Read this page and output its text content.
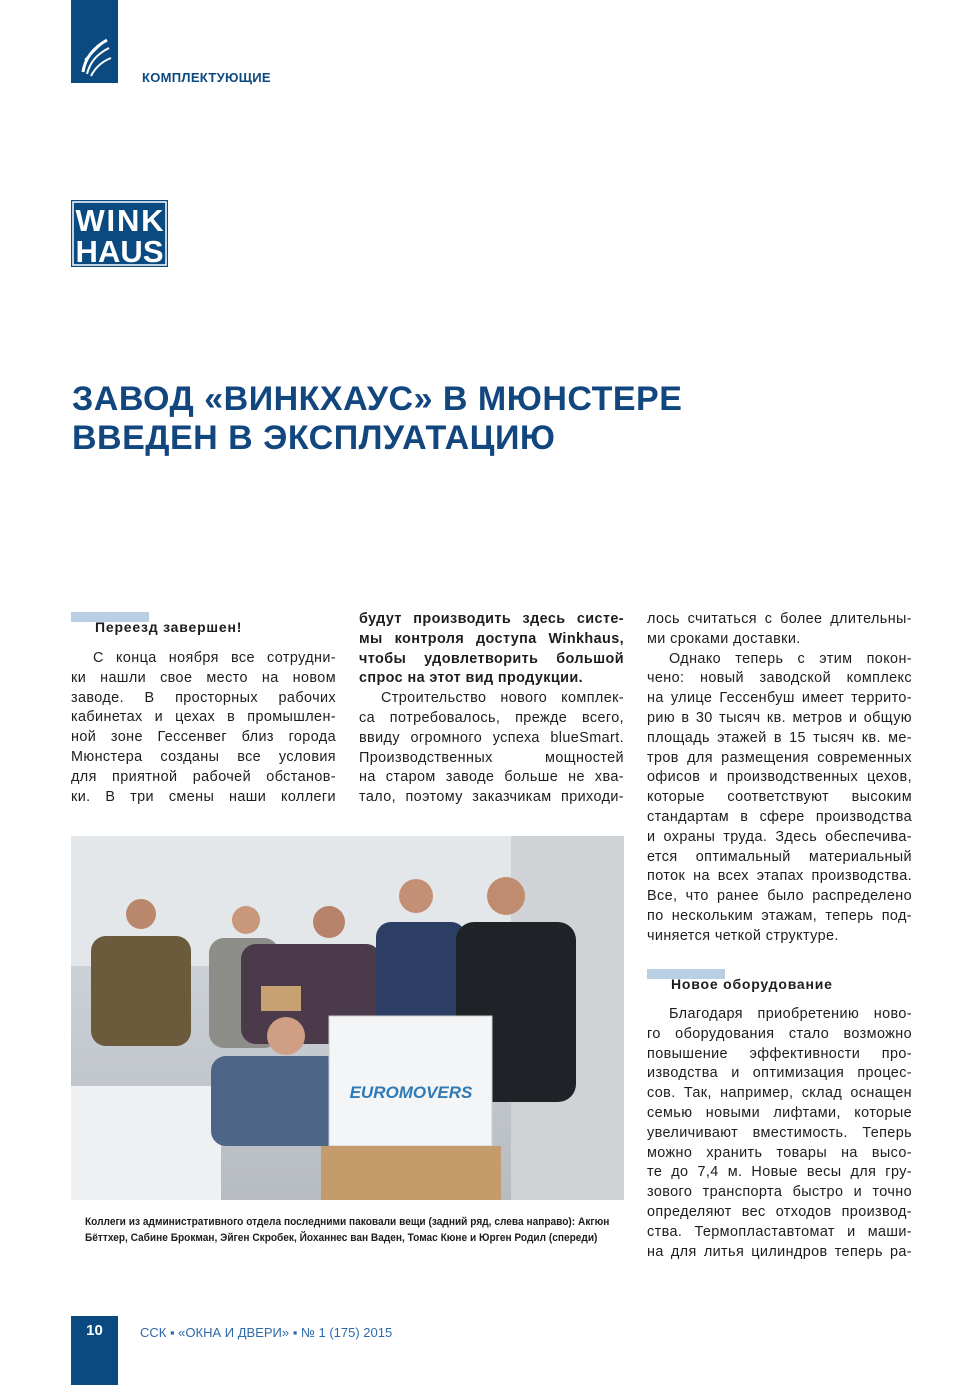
КОМПЛЕКТУЮЩИЕ
WINK
HAUS
ЗАВОД «ВИНКХАУС» В МЮНСТЕРЕ
ВВЕДЕН В ЭКСПЛУАТАЦИЮ
Переезд завершен!
Новое оборудование
С конца ноября все сотрудни-
ки нашли свое место на новом
заводе. В просторных рабочих
кабинетах и цехах в промышлен-
ной зоне Гессенвег близ города
Мюнстера созданы все условия
для приятной рабочей обстанов-
ки. В три смены наши коллеги
будут производить здесь систе-
мы контроля доступа Winkhaus,
чтобы удовлетворить большой
спрос на этот вид продукции.
Строительство нового комплек-
са потребовалось, прежде всего,
ввиду огромного успеха blueSmart.
Производственных мощностей
на старом заводе больше не хва-
тало, поэтому заказчикам приходи-
лось считаться с более длительны-
ми сроками доставки.
Однако теперь с этим покон-
чено: новый заводской комплекс
на улице Гессенбуш имеет террито-
рию в 30 тысяч кв. метров и общую
площадь этажей в 15 тысяч кв. ме-
тров для размещения современных
офисов и производственных цехов,
которые соответствуют высоким
стандартам в сфере производства
и охраны труда. Здесь обеспечива-
ется оптимальный материальный
поток на всех этапах производства.
Все, что ранее было распределено
по нескольким этажам, теперь под-
чиняется четкой структуре.
Благодаря приобретению ново-
го оборудования стало возможно
повышение эффективности про-
изводства и оптимизация процес-
сов. Так, например, склад оснащен
семью новыми лифтами, которые
увеличивают вместимость. Теперь
можно хранить товары на высо-
те до 7,4 м. Новые весы для гру-
зового транспорта быстро и точно
определяют вес отходов производ-
ства. Термопластавтомат и маши-
на для литья цилиндров теперь ра-
EUROMOVERS
Коллеги из административного отдела последними паковали вещи (задний ряд, слева направо): Акгюн Бёттхер, Сабине Брокман, Эйген Скробек, Йоханнес ван Ваден, Томас Кюне и Юрген Родил (спереди)
10	ССК ▪ «ОКНА И ДВЕРИ» ▪ № 1 (175) 2015
